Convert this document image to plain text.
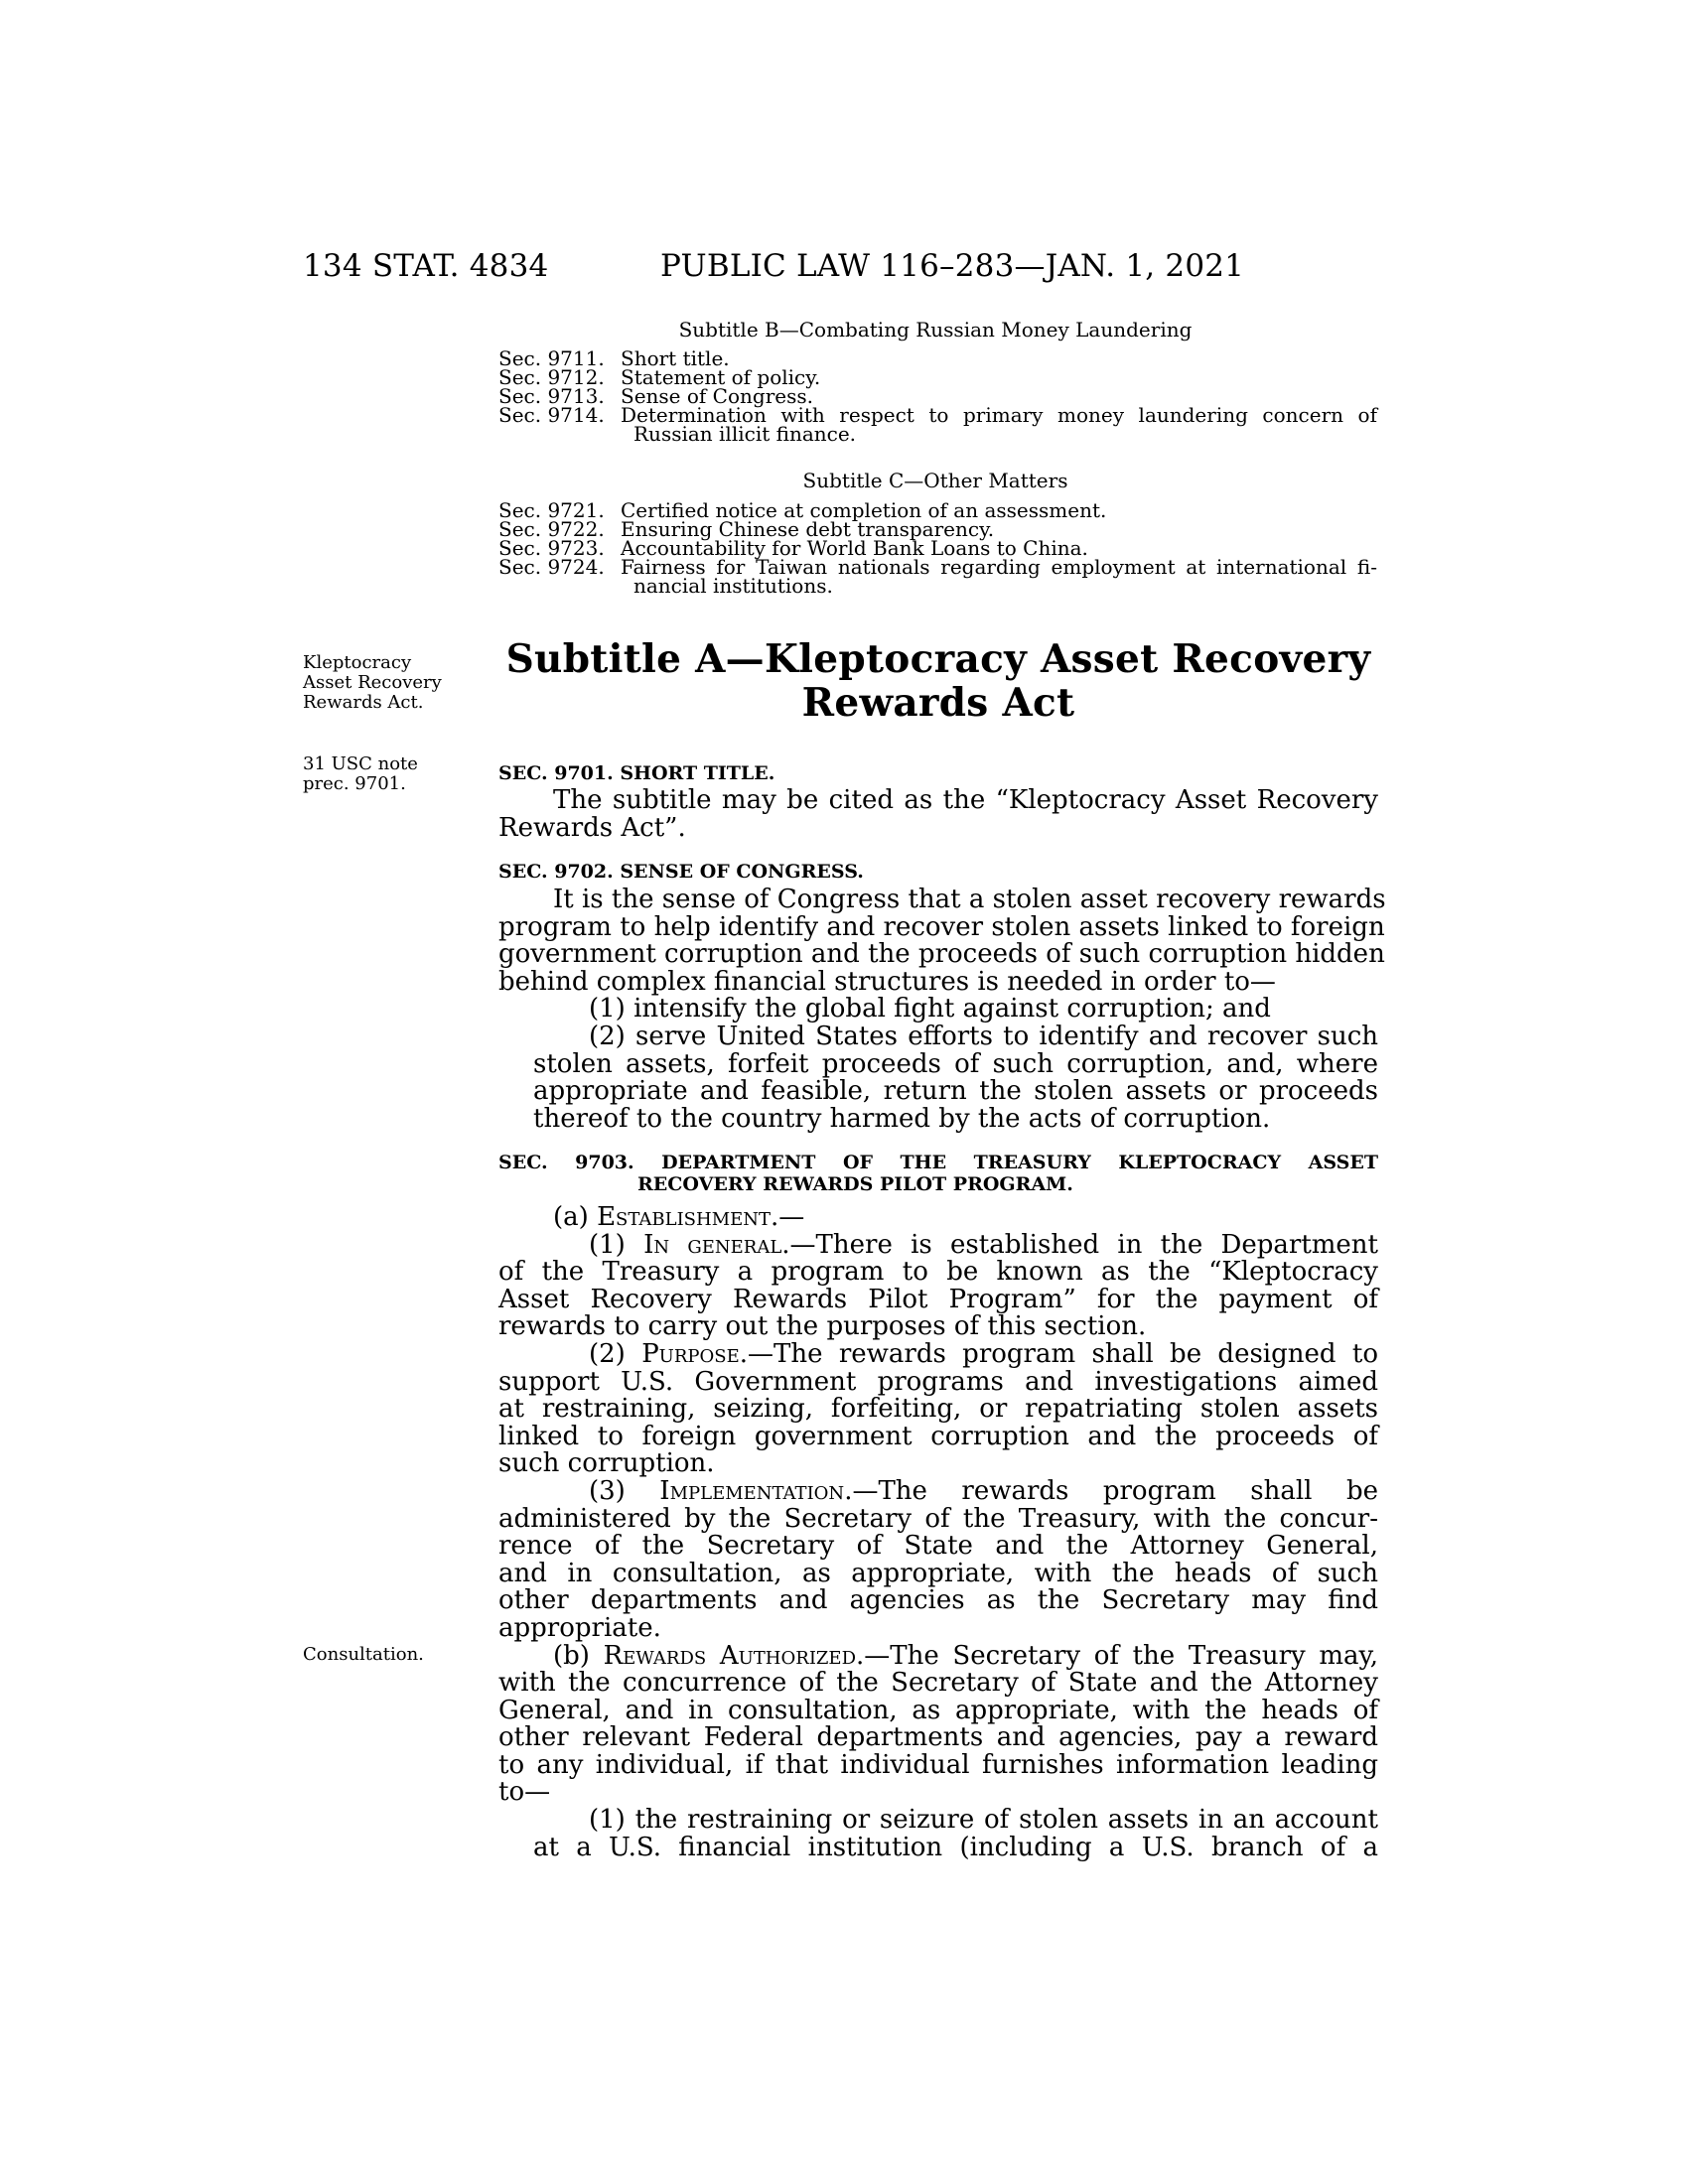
134 STAT. 4834	PUBLIC LAW 116–283—JAN. 1, 2021
Subtitle B—Combating Russian Money Laundering
Sec. 9711. Short title.
Sec. 9712. Statement of policy.
Sec. 9713. Sense of Congress.
Sec. 9714. Determination with respect to primary money laundering concern of
Russian illicit finance.
Subtitle C—Other Matters
Sec. 9721. Certified notice at completion of an assessment.
Sec. 9722. Ensuring Chinese debt transparency.
Sec. 9723. Accountability for World Bank Loans to China.
Sec. 9724. Fairness for Taiwan nationals regarding employment at international fi-
nancial institutions.
Kleptocracy
Asset Recovery
Rewards Act.
31 USC note
prec. 9701.
Consultation.
Subtitle A—Kleptocracy Asset Recovery
Rewards Act
SEC. 9701. SHORT TITLE.
The subtitle may be cited as the “Kleptocracy Asset Recovery
Rewards Act”.
SEC. 9702. SENSE OF CONGRESS.
It is the sense of Congress that a stolen asset recovery rewards
program to help identify and recover stolen assets linked to foreign
government corruption and the proceeds of such corruption hidden
behind complex financial structures is needed in order to—
(1) intensify the global fight against corruption; and
(2) serve United States efforts to identify and recover such
stolen assets, forfeit proceeds of such corruption, and, where
appropriate and feasible, return the stolen assets or proceeds
thereof to the country harmed by the acts of corruption.
SEC. 9703. DEPARTMENT OF THE TREASURY KLEPTOCRACY ASSET
RECOVERY REWARDS PILOT PROGRAM.
(a) Establishment.—
(1) In general.—There is established in the Department
of the Treasury a program to be known as the “Kleptocracy
Asset Recovery Rewards Pilot Program” for the payment of
rewards to carry out the purposes of this section.
(2) Purpose.—The rewards program shall be designed to
support U.S. Government programs and investigations aimed
at restraining, seizing, forfeiting, or repatriating stolen assets
linked to foreign government corruption and the proceeds of
such corruption.
(3) Implementation.—The rewards program shall be
administered by the Secretary of the Treasury, with the concur-
rence of the Secretary of State and the Attorney General,
and in consultation, as appropriate, with the heads of such
other departments and agencies as the Secretary may find
appropriate.
(b) Rewards Authorized.—The Secretary of the Treasury may,
with the concurrence of the Secretary of State and the Attorney
General, and in consultation, as appropriate, with the heads of
other relevant Federal departments and agencies, pay a reward
to any individual, if that individual furnishes information leading
to—
(1) the restraining or seizure of stolen assets in an account
at a U.S. financial institution (including a U.S. branch of a
